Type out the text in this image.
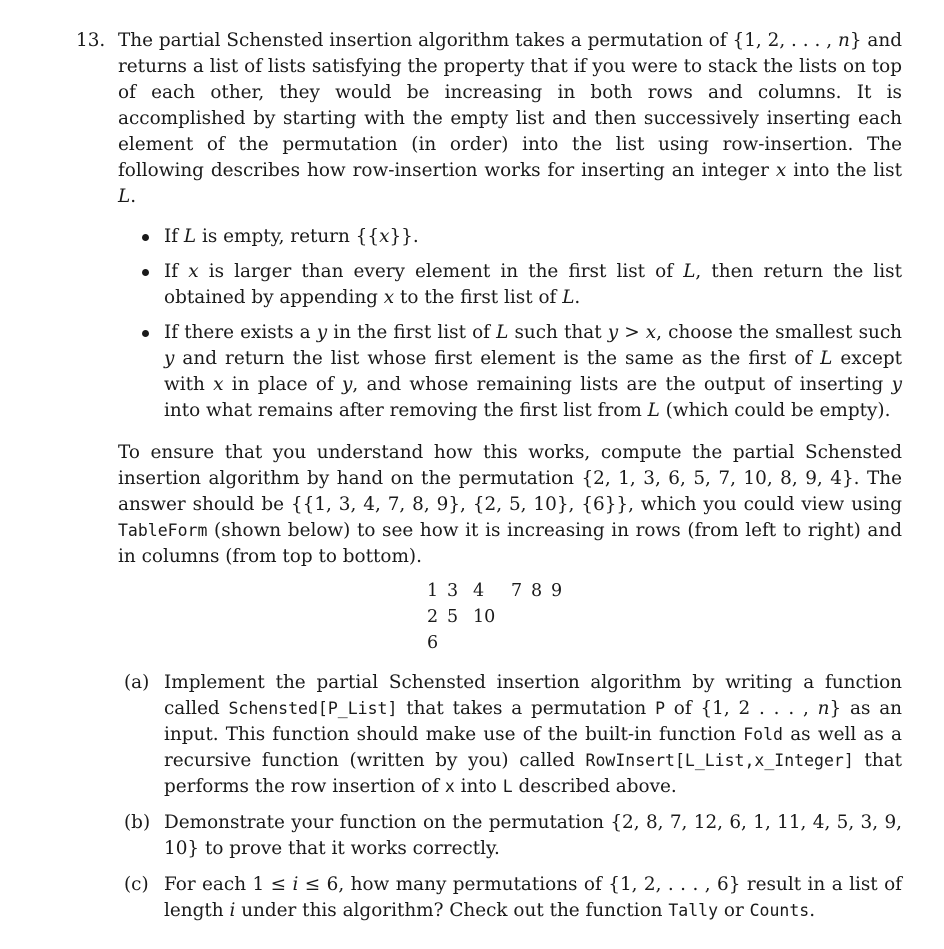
13. The partial Schensted insertion algorithm takes a permutation of {1, 2, . . . , n} and returns a list of lists satisfying the property that if you were to stack the lists on top of each other, they would be increasing in both rows and columns. It is accomplished by starting with the empty list and then successively inserting each element of the permutation (in order) into the list using row-insertion. The following describes how row-insertion works for inserting an integer x into the list L.

If L is empty, return {{x}}.
If x is larger than every element in the first list of L, then return the list obtained by appending x to the first list of L.
If there exists a y in the first list of L such that y > x, choose the smallest such y and return the list whose first element is the same as the first of L except with x in place of y, and whose remaining lists are the output of inserting y into what remains after removing the first list from L (which could be empty).

To ensure that you understand how this works, compute the partial Schensted insertion algorithm by hand on the permutation {2, 1, 3, 6, 5, 7, 10, 8, 9, 4}. The answer should be {{1, 3, 4, 7, 8, 9}, {2, 5, 10}, {6}}, which you could view using TableForm (shown below) to see how it is increasing in rows (from left to right) and in columns (from top to bottom).

1 3 4	7 8 9
2 5 10
6
(a) Implement the partial Schensted insertion algorithm by writing a function called Schensted[P_List] that takes a permutation P of {1, 2 . . . , n} as an input. This function should make use of the built-in function Fold as well as a recursive function (written by you) called RowInsert[L_List,x_Integer] that performs the row insertion of x into L described above.
(b) Demonstrate your function on the permutation {2, 8, 7, 12, 6, 1, 11, 4, 5, 3, 9, 10} to prove that it works correctly.
(c) For each 1 ≤ i ≤ 6, how many permutations of {1, 2, . . . , 6} result in a list of length i under this algorithm? Check out the function Tally or Counts.
